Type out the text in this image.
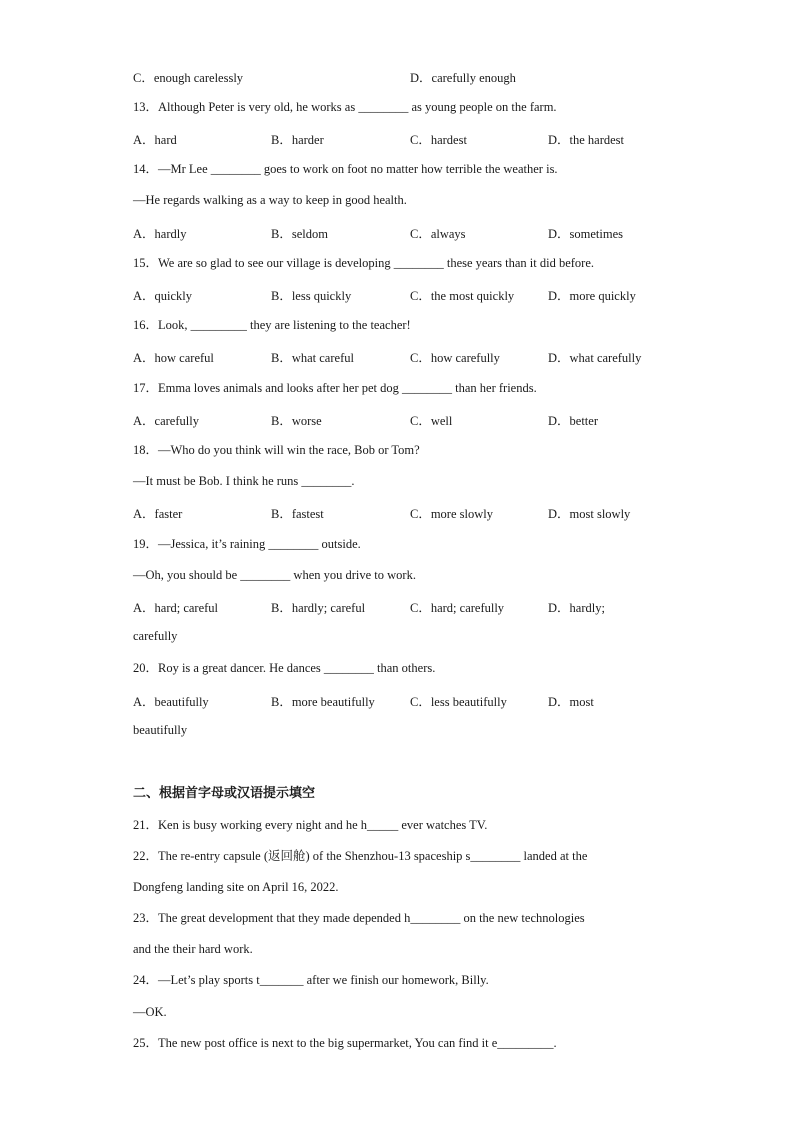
C．enough carelessly	D．carefully enough
13．Although Peter is very old, he works as ________ as young people on the farm.
A．hard	B．harder	C．hardest	D．the hardest
14．—Mr Lee ________ goes to work on foot no matter how terrible the weather is.
—He regards walking as a way to keep in good health.
A．hardly	B．seldom	C．always	D．sometimes
15．We are so glad to see our village is developing ________ these years than it did before.
A．quickly	B．less quickly	C．the most quickly	D．more quickly
16．Look, _________ they are listening to the teacher!
A．how careful	B．what careful	C．how carefully	D．what carefully
17．Emma loves animals and looks after her pet dog ________ than her friends.
A．carefully	B．worse	C．well	D．better
18．—Who do you think will win the race, Bob or Tom?
—It must be Bob. I think he runs ________.
A．faster	B．fastest	C．more slowly	D．most slowly
19．—Jessica, it’s raining ________ outside.
—Oh, you should be ________ when you drive to work.
A．hard; careful	B．hardly; careful	C．hard; carefully	D．hardly;
carefully
20．Roy is a great dancer. He dances ________ than others.
A．beautifully	B．more beautifully	C．less beautifully	D．most
beautifully
二、根据首字母或汉语提示填空
21．Ken is busy working every night and he h_____ ever watches TV.
22．The re-entry capsule (返回舱) of the Shenzhou-13 spaceship s________ landed at the
Dongfeng landing site on April 16, 2022.
23．The great development that they made depended h________ on the new technologies
and the their hard work.
24．—Let’s play sports t_______ after we finish our homework, Billy.
—OK.
25．The new post office is next to the big supermarket, You can find it e_________.
